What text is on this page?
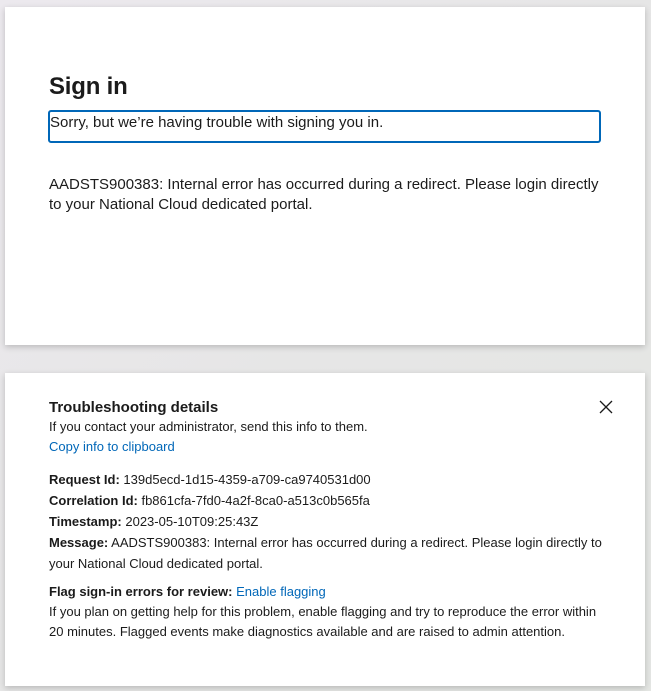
Sign in
Sorry, but we’re having trouble with signing you in.
AADSTS900383: Internal error has occurred during a redirect. Please login directly to your National Cloud dedicated portal.
Troubleshooting details
If you contact your administrator, send this info to them.
Copy info to clipboard
Request Id: 139d5ecd-1d15-4359-a709-ca9740531d00
Correlation Id: fb861cfa-7fd0-4a2f-8ca0-a513c0b565fa
Timestamp: 2023-05-10T09:25:43Z
Message: AADSTS900383: Internal error has occurred during a redirect. Please login directly to your National Cloud dedicated portal.
Flag sign-in errors for review: Enable flagging
If you plan on getting help for this problem, enable flagging and try to reproduce the error within 20 minutes. Flagged events make diagnostics available and are raised to admin attention.
